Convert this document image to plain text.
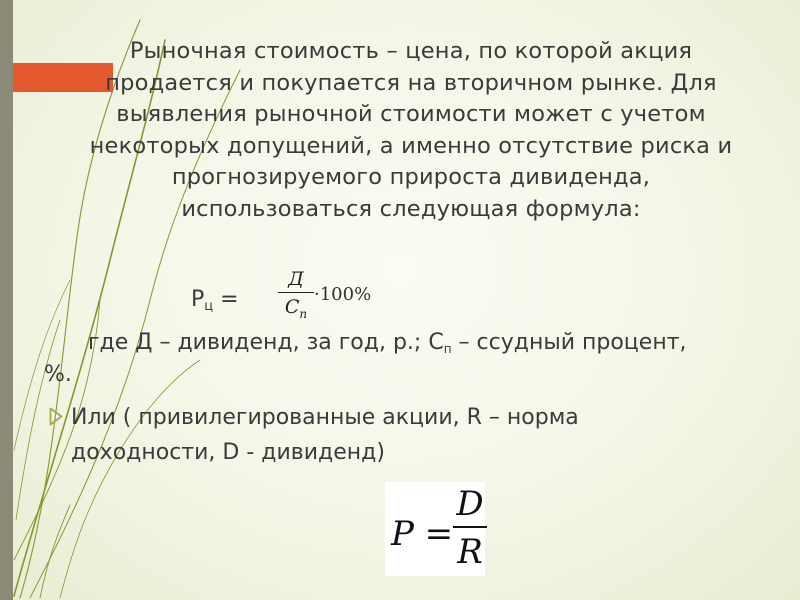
Рыночная стоимость – цена, по которой акция
продается и покупается на вторичном рынке. Для
выявления рыночной стоимости может с учетом
некоторых допущений, а именно отсутствие риска и
прогнозируемого прироста дивиденда,
использоваться следующая формула:

$Р_ц$ =
Д
$С_п$
·100%
где Д – дивиденд, за год, р.; $С_п$ – ссудный процент,
%.

Или ( привилегированные акции, R – норма
доходности, D - дивиденд)

P =
D
R
